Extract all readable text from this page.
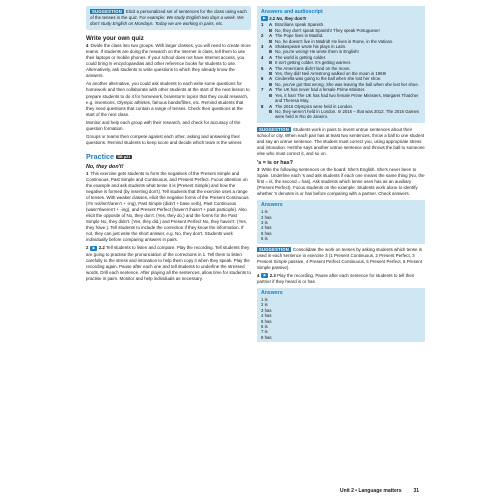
SUGGESTION Elicit a personalized set of sentences for the class using each of the tenses in the quiz. For example: We study English two days a week. We don't study English on Mondays. Today we are working in pairs, etc.
Write your own quiz

4 Divide the class into two groups. With larger classes, you will need to create more teams. If students are doing the research on the Internet in class, tell them to use their laptops or mobile phones. If your school does not have Internet access, you could bring in encyclopaedias and other reference books for students to use. Alternatively, ask students to write questions to which they already know the answers.

As another alternative, you could ask students to each write some questions for homework and then collaborate with other students at the start of the next lesson to prepare students to do it for homework, brainstorm topics that they could research, e.g. inventions, Olympic athletes, famous bands/films, etc. Remind students that they need questions that contain a range of tenses. Check their questions at the start of the next class.

Monitor and help each group with their research, and check for accuracy of the question formation.

Groups or teams then compete against each other, asking and answering their questions. Remind students to keep score and decide which team is the winner.

Practice SB p21
No, they don't!

1 This exercise gets students to form the negatives of the Present Simple and Continuous, Past Simple and Continuous, and Present Perfect. Focus attention on the example and ask students what tense it is (Present Simple) and how the negative is formed (by inserting don't). Tell students that the exercise uses a range of tenses. With weaker classes, elicit the negative forms of the Present Continuous (I'm not/isn't/aren't + -ing), Past Simple (didn't + base verb), Past Continuous (wasn't/weren't + -ing), and Present Perfect (haven't /hasn't + past participle). Also elicit the opposite of No, they don't. (Yes, they do.) and the forms for the Past Simple No, they didn't. (Yes, they did.) and Present Perfect No, they haven't. (Yes, they have.). Tell students to include the correction if they know the information. If not, they can just write the short answer, e.g. No, they don't. Students work individually before comparing answers in pairs.

2 ▶ 2.2 Tell students to listen and compare. Play the recording. Tell students they are going to practise the pronunciation of the corrections in 1. Tell them to listen carefully to the stress and intonation to help them copy it when they speak. Play the recording again. Pause after each one and tell students to underline the stressed words. Drill each sentence. After playing all the sentences, allow time for students to practise in pairs. Monitor and help individuals as necessary.

Answers and audioscript
▶
2.2
No, they don't!
1	A Brazilians speak Spanish.
B No, they don't speak Spanish! They speak Portuguese!
2	A The Pope lives in Madrid.
B No, he doesn't live in Madrid! He lives in Rome, in the Vatican.
3	A Shakespeare wrote his plays in Latin.
B No, you're wrong! He wrote them in English!
4	A The world is getting colder.
B It isn't getting colder. It's getting warmer.
5	A The Americans didn't land on the moon.
B Yes, they did! Neil Armstrong walked on the moon in 1969!
6	A Cinderella was going to the ball when she lost her shoe.
B No, you've got that wrong. She was leaving the ball when she lost her shoe.
7	A The UK has never had a female Prime Minister.
B Yes, it has! The UK has had two female Prime Ministers, Margaret Thatcher and Theresa May.
8	A The 2016 Olympics were held in London.
B No, they weren't held in London. In 2016 – that was 2012. The 2016 Games were held in Rio de Janeiro.

SUGGESTION Students work in pairs to invent untrue sentences about their school or city. When each pair has at least two sentences, throw a ball to one student and say an untrue sentence. The student must correct you, using appropriate stress and intonation. He/She says another untrue sentence and throws the ball to someone else who must correct it, and so on.

's = is or has?

3 Write the following sentences on the board: She's English. She's never been to Spain. Underline each 's and ask students if each one means the same thing (No, the first = is, the second = has). Ask students which tense uses has as an auxiliary (Present Perfect). Focus students on the example. Students work alone to identify whether 's denotes is or has before comparing with a partner. Check answers.

Answers
1 is
2 has
3 is
4 has
5 has
6 is

SUGGESTION Consolidate the work on tenses by asking students which tense is used in each sentence in exercise 3 (1 Present Continuous, 2 Present Perfect, 3 Present Simple passive, 4 Present Perfect Continuous, 5 Present Perfect, 6 Present Simple passive).

4 ▶ 2.3 Play the recording. Pause after each sentence for students to tell their partner if they heard is or has.

Answers
1 is
2 is
3 has
4 has
5 has
6 is
7 is
8 has
Unit 2 • Language matters 31
